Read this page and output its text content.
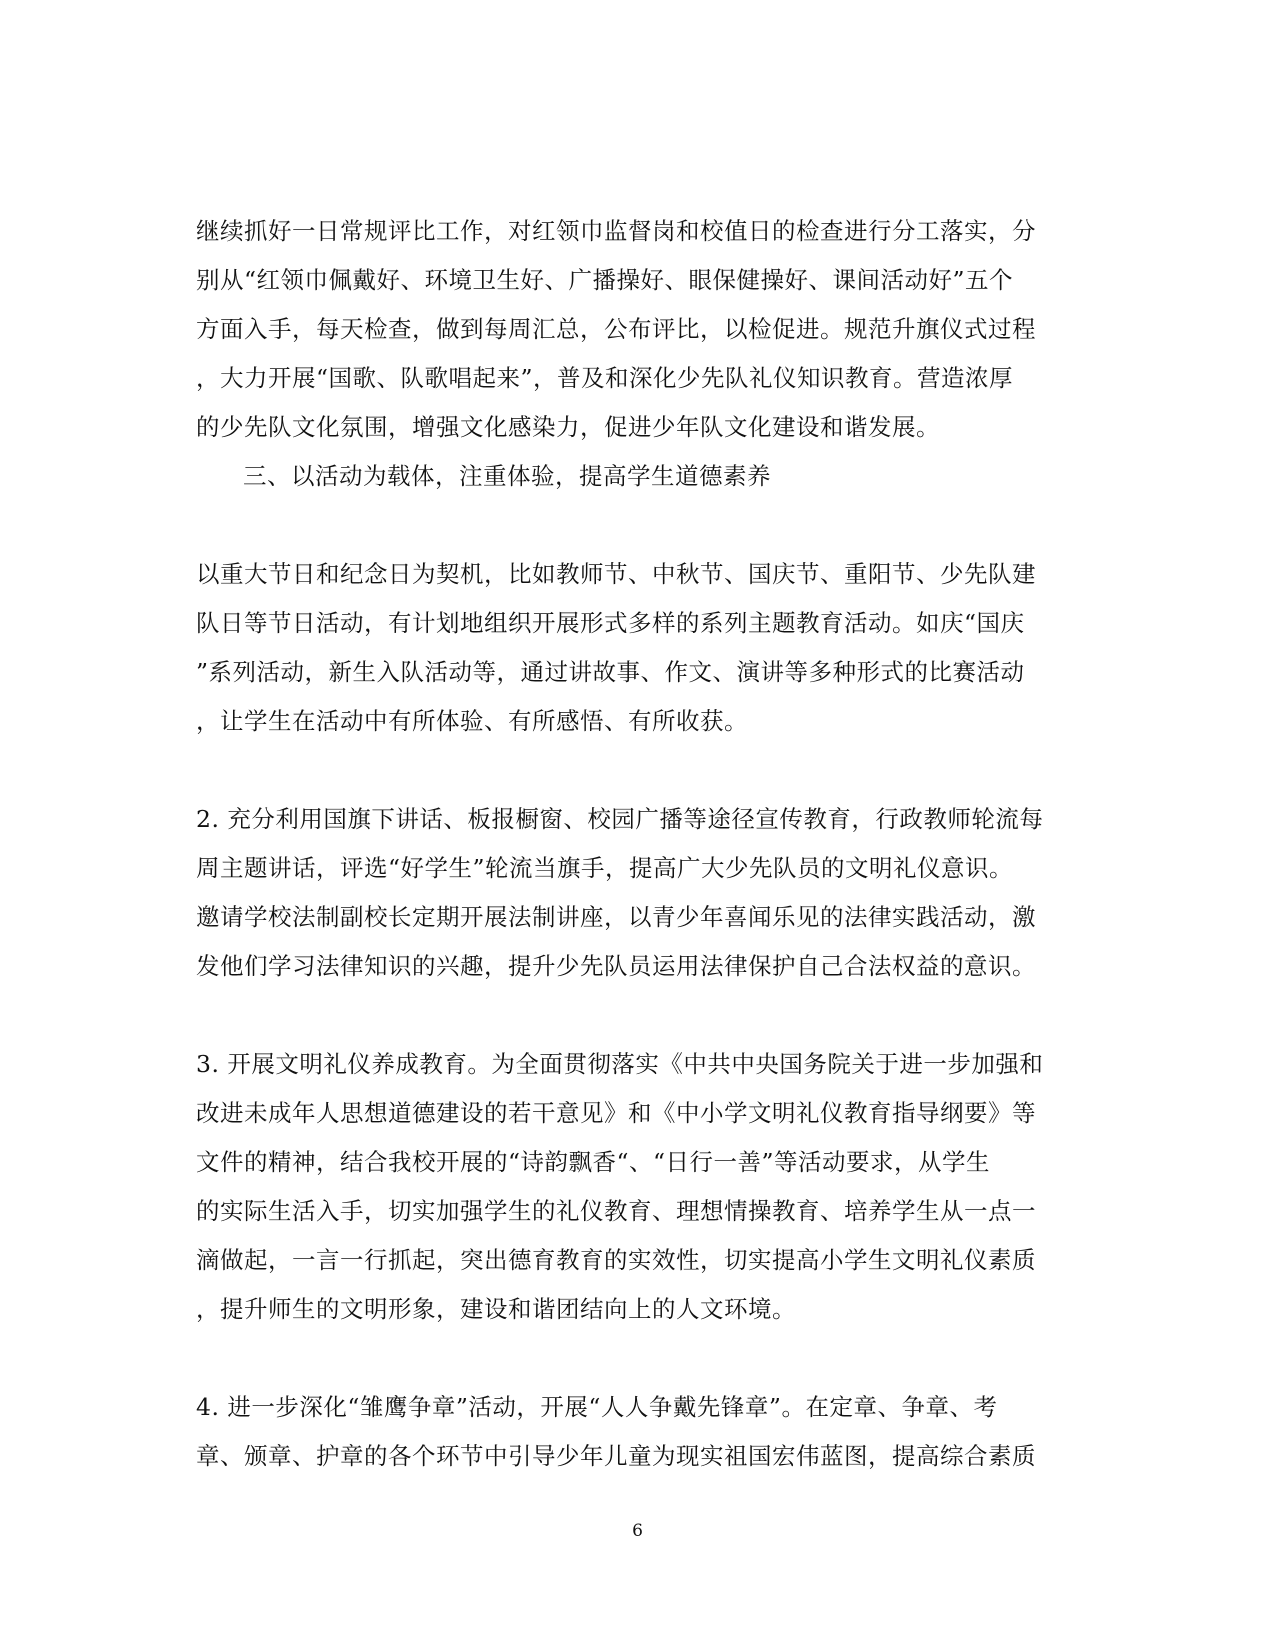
继续抓好一日常规评比工作，对红领巾监督岗和校值日的检查进行分工落实，分
别从“红领巾佩戴好、环境卫生好、广播操好、眼保健操好、课间活动好”五个
方面入手，每天检查，做到每周汇总，公布评比，以检促进。规范升旗仪式过程
，大力开展“国歌、队歌唱起来”，普及和深化少先队礼仪知识教育。营造浓厚
的少先队文化氛围，增强文化感染力，促进少年队文化建设和谐发展。
三、以活动为载体，注重体验，提高学生道德素养
以重大节日和纪念日为契机，比如教师节、中秋节、国庆节、重阳节、少先队建
队日等节日活动，有计划地组织开展形式多样的系列主题教育活动。如庆“国庆
”系列活动，新生入队活动等，通过讲故事、作文、演讲等多种形式的比赛活动
，让学生在活动中有所体验、有所感悟、有所收获。
2. 充分利用国旗下讲话、板报橱窗、校园广播等途径宣传教育，行政教师轮流每
周主题讲话，评选“好学生”轮流当旗手，提高广大少先队员的文明礼仪意识。
邀请学校法制副校长定期开展法制讲座，以青少年喜闻乐见的法律实践活动，激
发他们学习法律知识的兴趣，提升少先队员运用法律保护自己合法权益的意识。
3. 开展文明礼仪养成教育。为全面贯彻落实《中共中央国务院关于进一步加强和
改进未成年人思想道德建设的若干意见》和《中小学文明礼仪教育指导纲要》等
文件的精神，结合我校开展的“诗韵飘香“、“日行一善”等活动要求，从学生
的实际生活入手，切实加强学生的礼仪教育、理想情操教育、培养学生从一点一
滴做起，一言一行抓起，突出德育教育的实效性，切实提高小学生文明礼仪素质
，提升师生的文明形象，建设和谐团结向上的人文环境。
4. 进一步深化“雏鹰争章”活动，开展“人人争戴先锋章”。在定章、争章、考
章、颁章、护章的各个环节中引导少年儿童为现实祖国宏伟蓝图，提高综合素质
6
